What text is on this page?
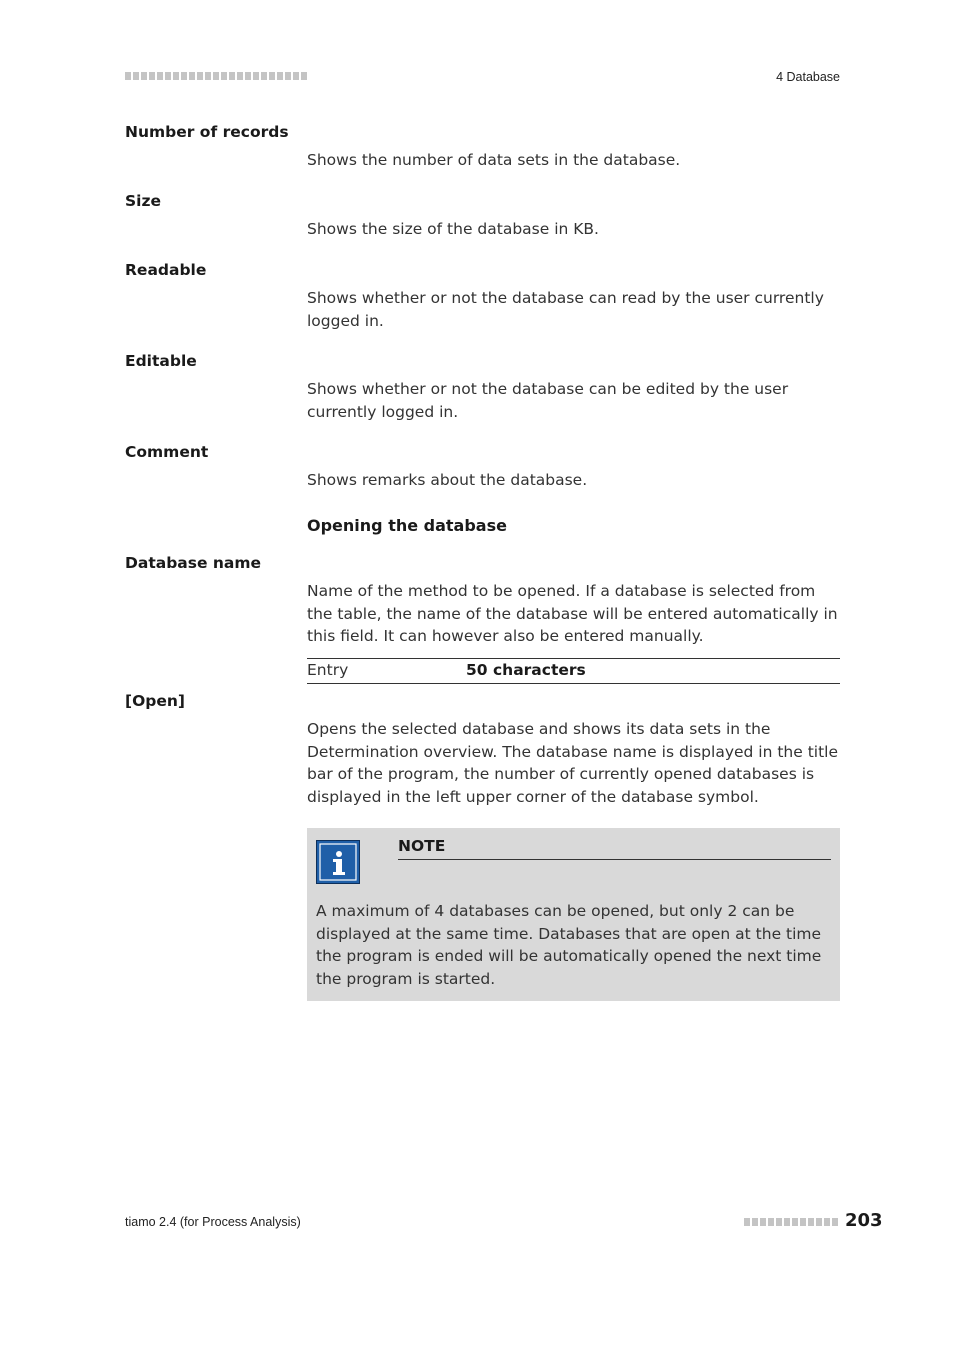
4 Database
Number of records
Shows the number of data sets in the database.
Size
Shows the size of the database in KB.
Readable
Shows whether or not the database can read by the user currently logged in.
Editable
Shows whether or not the database can be edited by the user currently logged in.
Comment
Shows remarks about the database.
Opening the database
Database name
Name of the method to be opened. If a database is selected from the table, the name of the database will be entered automatically in this field. It can however also be entered manually.
Entry	50 characters
[Open]
Opens the selected database and shows its data sets in the Determination overview. The database name is displayed in the title bar of the program, the number of currently opened databases is displayed in the left upper corner of the database symbol.
NOTE
A maximum of 4 databases can be opened, but only 2 can be displayed at the same time. Databases that are open at the time the program is ended will be automatically opened the next time the program is started.
tiamo 2.4 (for Process Analysis)	203
